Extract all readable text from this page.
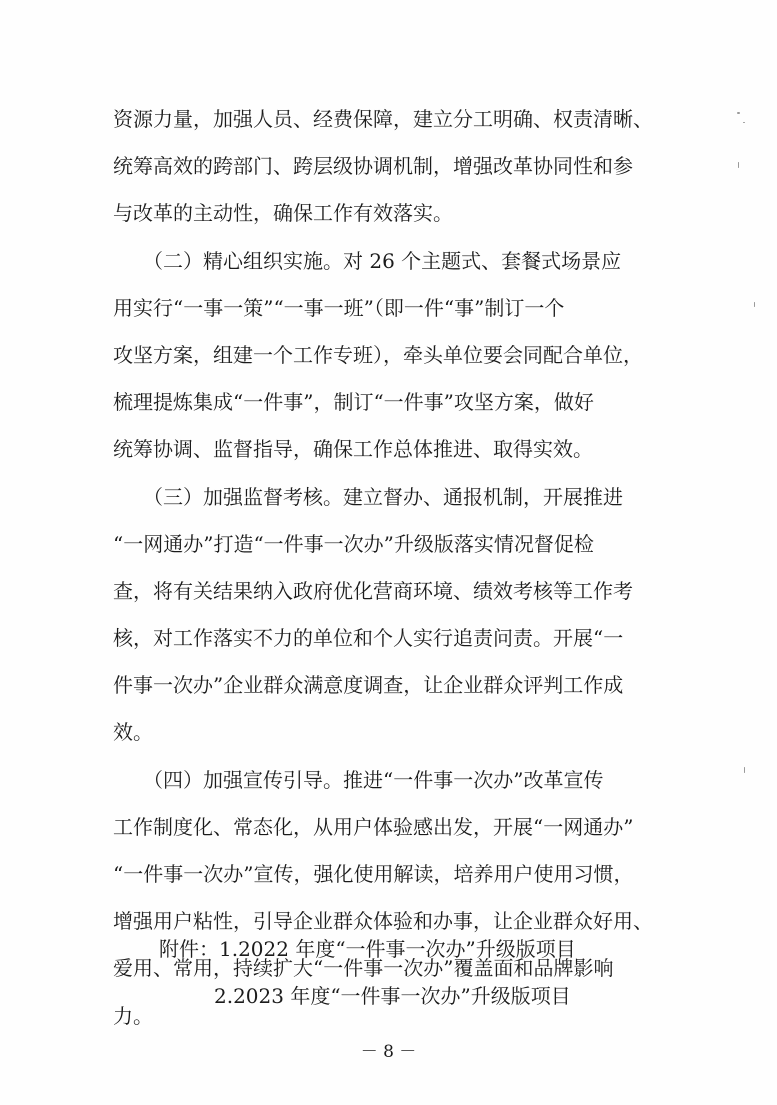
资源力量，加强人员、经费保障，建立分工明确、权责清晰、
统筹高效的跨部门、跨层级协调机制，增强改革协同性和参
与改革的主动性，确保工作有效落实。
　　（二）精心组织实施。对 26 个主题式、套餐式场景应
用实行“一事一策”“一事一班”（即一件“事”制订一个
攻坚方案，组建一个工作专班），牵头单位要会同配合单位，
梳理提炼集成“一件事”，制订“一件事”攻坚方案，做好
统筹协调、监督指导，确保工作总体推进、取得实效。
　　（三）加强监督考核。建立督办、通报机制，开展推进
“一网通办”打造“一件事一次办”升级版落实情况督促检
查，将有关结果纳入政府优化营商环境、绩效考核等工作考
核，对工作落实不力的单位和个人实行追责问责。开展“一
件事一次办”企业群众满意度调查，让企业群众评判工作成
效。
　　（四）加强宣传引导。推进“一件事一次办”改革宣传
工作制度化、常态化，从用户体验感出发，开展“一网通办”
“一件事一次办”宣传，强化使用解读，培养用户使用习惯，
增强用户粘性，引导企业群众体验和办事，让企业群众好用、
爱用、常用，持续扩大“一件事一次办”覆盖面和品牌影响
力。
附件：1.2022 年度“一件事一次办”升级版项目
2.2023 年度“一件事一次办”升级版项目
－ 8 －
